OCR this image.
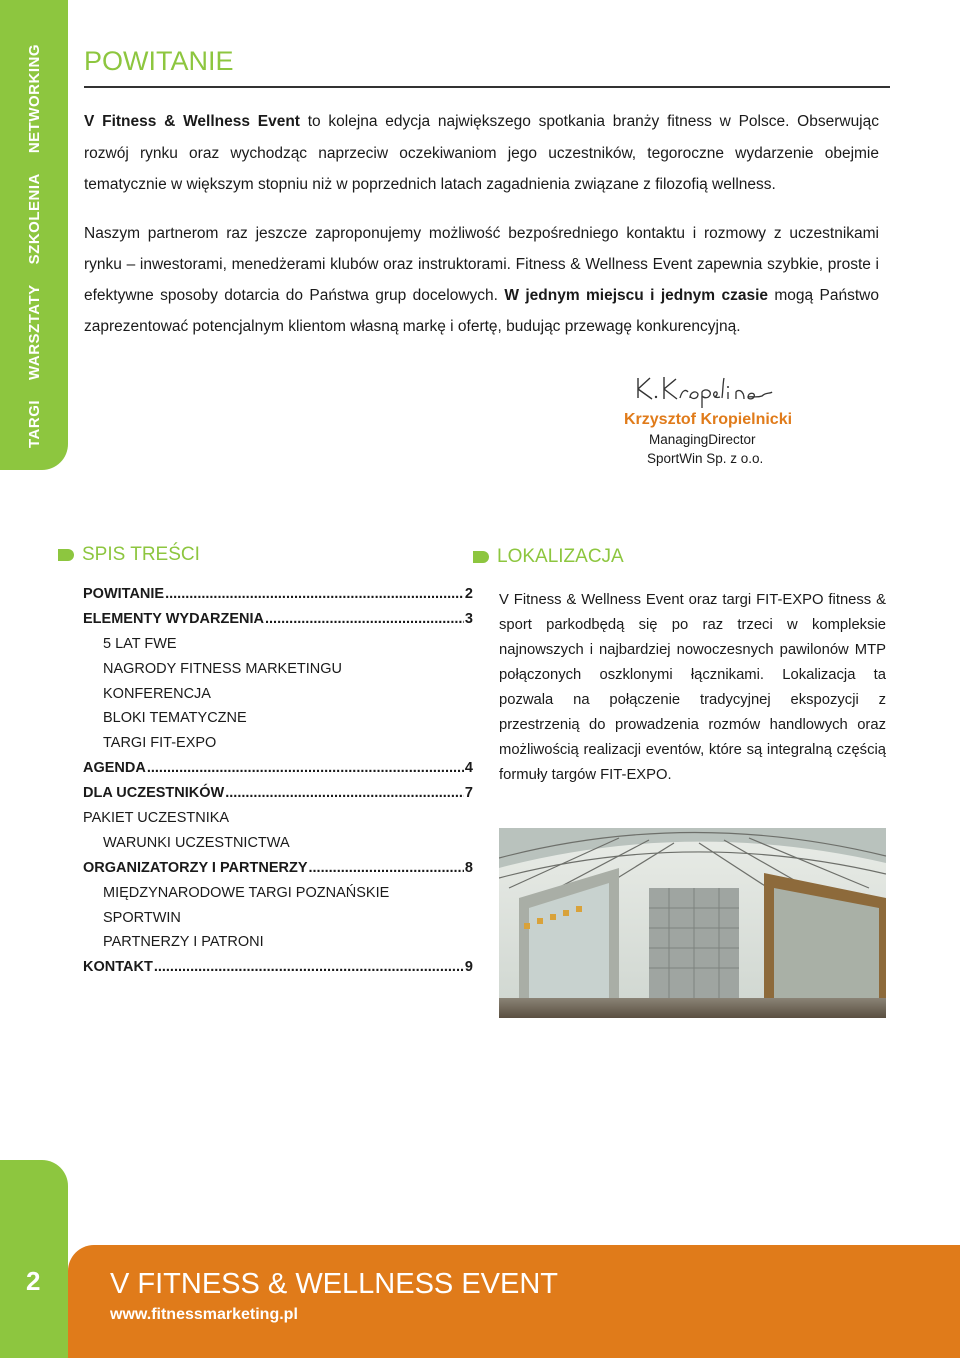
TARGI
WARSZTATY
SZKOLENIA
NETWORKING POWITANIE
V Fitness & Wellness Event to kolejna edycja największego spotkania branży fitness w Polsce. Obserwując rozwój rynku oraz wychodząc naprzeciw oczekiwaniom jego uczestników, tegoroczne wydarzenie obejmie tematycznie w większym stopniu niż w poprzednich latach zagadnienia związane z filozofią wellness.
Naszym partnerom raz jeszcze zaproponujemy możliwość bezpośredniego kontaktu i rozmowy z uczestnikami rynku – inwestorami, menedżerami klubów oraz instruktorami. Fitness & Wellness Event zapewnia szybkie, proste i efektywne sposoby dotarcia do Państwa grup docelowych. W jednym miejscu i jednym czasie mogą Państwo zaprezentować potencjalnym klientom własną markę i ofertę, budując przewagę konkurencyjną.
Krzysztof Kropielnicki
ManagingDirector
SportWin Sp. z o.o.
SPIS TREŚCI	LOKALIZACJA
POWITANIE .....	2
ELEMENTY WYDARZENIA .....	3
5 LAT FWE
NAGRODY FITNESS MARKETINGU
KONFERENCJA
BLOKI TEMATYCZNE
TARGI FIT-EXPO
AGENDA .....	4
DLA UCZESTNIKÓW .....	7
PAKIET UCZESTNIKA
WARUNKI UCZESTNICTWA
ORGANIZATORZY I PARTNERZY .....	8
MIĘDZYNARODOWE TARGI POZNAŃSKIE
SPORTWIN
PARTNERZY I PATRONI
KONTAKT .....	9
V Fitness & Wellness Event oraz targi FIT-EXPO fitness & sport parkodbędą się po raz trzeci w kompleksie najnowszych i najbardziej nowoczesnych pawilonów MTP połączonych oszklonymi łącznikami. Lokalizacja ta pozwala na połączenie tradycyjnej ekspozycji z przestrzenią do prowadzenia rozmów handlowych oraz możliwością realizacji eventów, które są integralną częścią formuły targów FIT-EXPO.
2 V FITNESS & WELLNESS EVENT
www.fitnessmarketing.pl
